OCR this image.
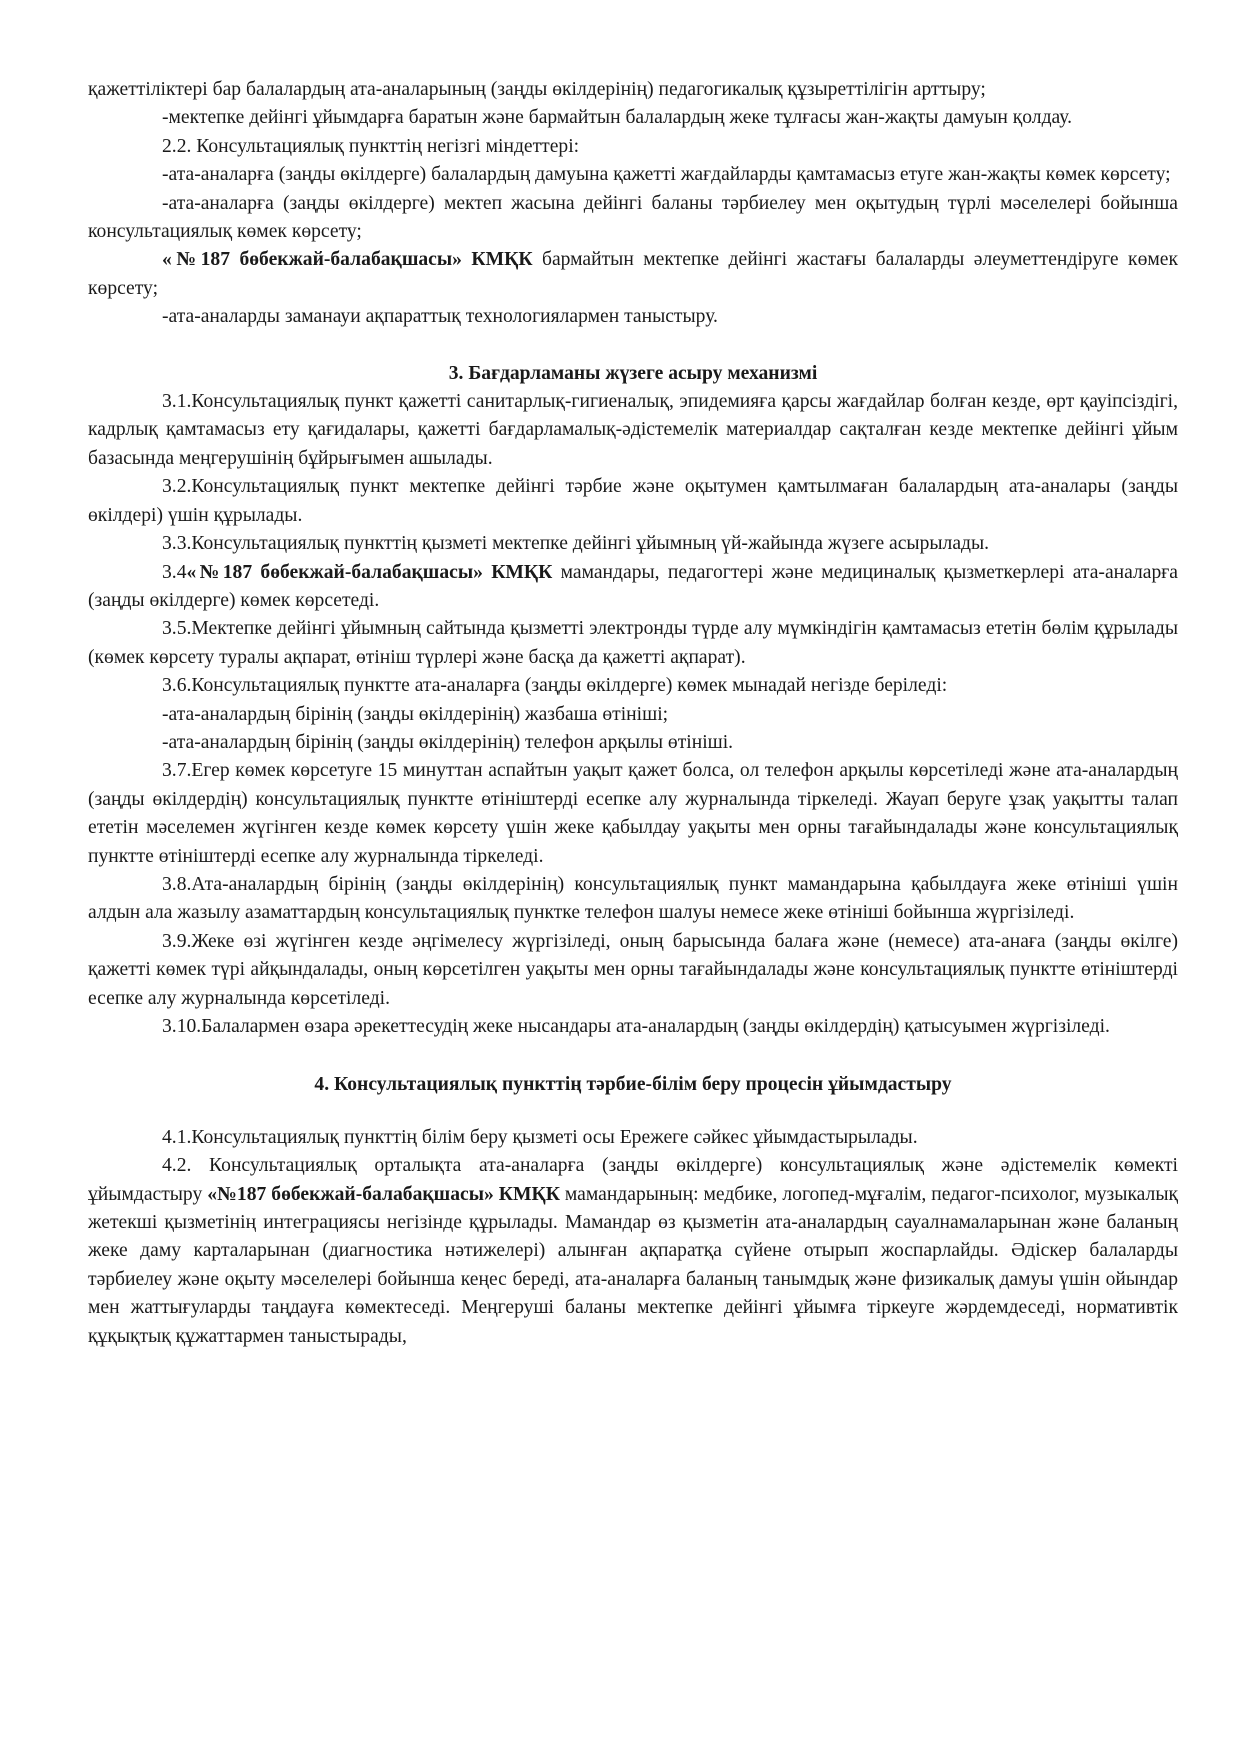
қажеттіліктері бар балалардың ата-аналарының (заңды өкілдерінің) педагогикалық құзыреттілігін арттыру;

-мектепке дейінгі ұйымдарға баратын және бармайтын балалардың жеке тұлғасы жан-жақты дамуын қолдау.

2.2. Консультациялық пункттің негізгі міндеттері:

-ата-аналарға (заңды өкілдерге) балалардың дамуына қажетті жағдайларды қамтамасыз етуге жан-жақты көмек көрсету;

-ата-аналарға (заңды өкілдерге) мектеп жасына дейінгі баланы тәрбиелеу мен оқытудың түрлі мәселелері бойынша консультациялық көмек көрсету;

«№187 бөбекжай-балабақшасы» КМҚК бармайтын мектепке дейінгі жастағы балаларды әлеуметтендіруге көмек көрсету;

-ата-аналарды заманауи ақпараттық технологиялармен таныстыру.

3. Бағдарламаны жүзеге асыру механизмі

3.1.Консультациялық пункт қажетті санитарлық-гигиеналық, эпидемияға қарсы жағдайлар болған кезде, өрт қауіпсіздігі, кадрлық қамтамасыз ету қағидалары, қажетті бағдарламалық-әдістемелік материалдар сақталған кезде мектепке дейінгі ұйым базасында меңгерушінің бұйрығымен ашылады.

3.2.Консультациялық пункт мектепке дейінгі тәрбие және оқытумен қамтылмаған балалардың ата-аналары (заңды өкілдері) үшін құрылады.

3.3.Консультациялық пункттің қызметі мектепке дейінгі ұйымның үй-жайында жүзеге асырылады.

3.4«№187 бөбекжай-балабақшасы» КМҚК мамандары, педагогтері және медициналық қызметкерлері ата-аналарға (заңды өкілдерге) көмек көрсетеді.

3.5.Мектепке дейінгі ұйымның сайтында қызметті электронды түрде алу мүмкіндігін қамтамасыз ететін бөлім құрылады (көмек көрсету туралы ақпарат, өтініш түрлері және басқа да қажетті ақпарат).

3.6.Консультациялық пунктте ата-аналарға (заңды өкілдерге) көмек мынадай негізде беріледі:

-ата-аналардың бірінің (заңды өкілдерінің) жазбаша өтініші;

-ата-аналардың бірінің (заңды өкілдерінің) телефон арқылы өтініші.

3.7.Егер көмек көрсетуге 15 минуттан аспайтын уақыт қажет болса, ол телефон арқылы көрсетіледі және ата-аналардың (заңды өкілдердің) консультациялық пунктте өтініштерді есепке алу журналында тіркеледі. Жауап беруге ұзақ уақытты талап ететін мәселемен жүгінген кезде көмек көрсету үшін жеке қабылдау уақыты мен орны тағайындалады және консультациялық пунктте өтініштерді есепке алу журналында тіркеледі.

3.8.Ата-аналардың бірінің (заңды өкілдерінің) консультациялық пункт мамандарына қабылдауға жеке өтініші үшін алдын ала жазылу азаматтардың консультациялық пунктке телефон шалуы немесе жеке өтініші бойынша жүргізіледі.

3.9.Жеке өзі жүгінген кезде әңгімелесу жүргізіледі, оның барысында балаға және (немесе) ата-анаға (заңды өкілге) қажетті көмек түрі айқындалады, оның көрсетілген уақыты мен орны тағайындалады және консультациялық пунктте өтініштерді есепке алу журналында көрсетіледі.

3.10.Балалармен өзара әрекеттесудің жеке нысандары ата-аналардың (заңды өкілдердің) қатысуымен жүргізіледі.

4. Консультациялық пункттің тәрбие-білім беру процесін ұйымдастыру

4.1.Консультациялық пункттің білім беру қызметі осы Ережеге сәйкес ұйымдастырылады.

4.2. Консультациялық орталықта ата-аналарға (заңды өкілдерге) консультациялық және әдістемелік көмекті ұйымдастыру «№187 бөбекжай-балабақшасы» КМҚК мамандарының: медбике, логопед-мұғалім, педагог-психолог, музыкалық жетекші қызметінің интеграциясы негізінде құрылады. Мамандар өз қызметін ата-аналардың сауалнамаларынан және баланың жеке даму карталарынан (диагностика нәтижелері) алынған ақпаратқа сүйене отырып жоспарлайды. Әдіскер балаларды тәрбиелеу және оқыту мәселелері бойынша кеңес береді, ата-аналарға баланың танымдық және физикалық дамуы үшін ойындар мен жаттығуларды таңдауға көмектеседі. Меңгеруші баланы мектепке дейінгі ұйымға тіркеуге жәрдемдеседі, нормативтік құқықтық құжаттармен таныстырады,
